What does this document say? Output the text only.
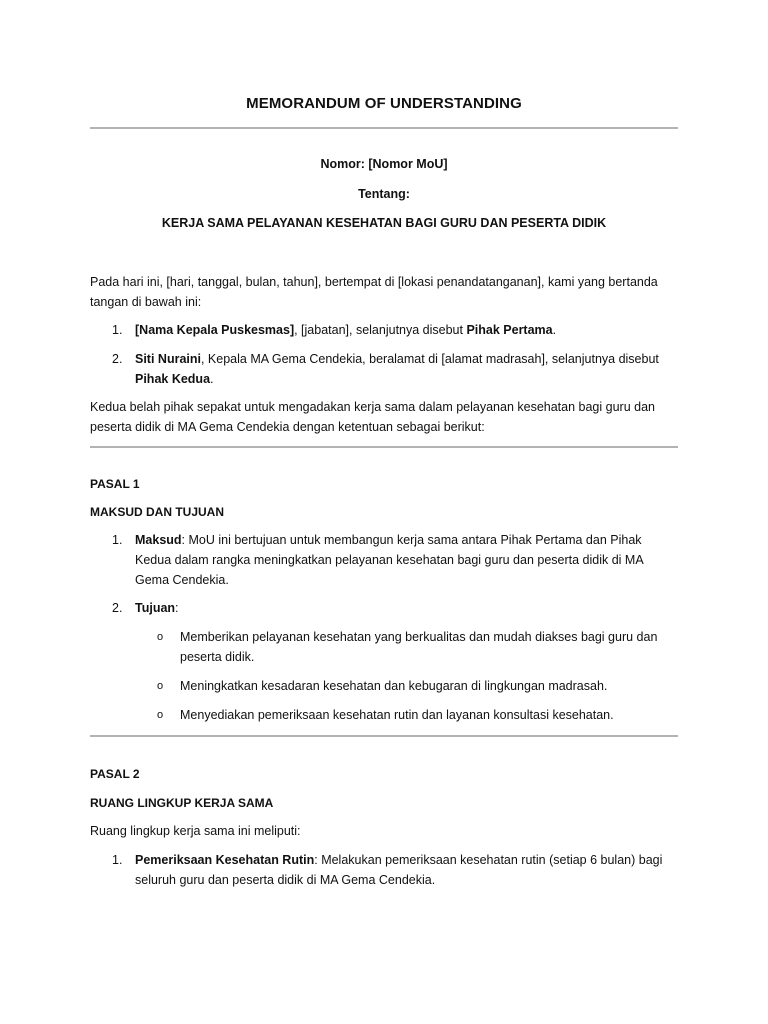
MEMORANDUM OF UNDERSTANDING
Nomor: [Nomor MoU]
Tentang:
KERJA SAMA PELAYANAN KESEHATAN BAGI GURU DAN PESERTA DIDIK
Pada hari ini, [hari, tanggal, bulan, tahun], bertempat di [lokasi penandatanganan], kami yang bertanda tangan di bawah ini:
1.	[Nama Kepala Puskesmas], [jabatan], selanjutnya disebut Pihak Pertama.
2.	Siti Nuraini, Kepala MA Gema Cendekia, beralamat di [alamat madrasah], selanjutnya disebut Pihak Kedua.
Kedua belah pihak sepakat untuk mengadakan kerja sama dalam pelayanan kesehatan bagi guru dan peserta didik di MA Gema Cendekia dengan ketentuan sebagai berikut:
PASAL 1
MAKSUD DAN TUJUAN
1.	Maksud: MoU ini bertujuan untuk membangun kerja sama antara Pihak Pertama dan Pihak Kedua dalam rangka meningkatkan pelayanan kesehatan bagi guru dan peserta didik di MA Gema Cendekia.
2.	Tujuan:
o Memberikan pelayanan kesehatan yang berkualitas dan mudah diakses bagi guru dan peserta didik.
o Meningkatkan kesadaran kesehatan dan kebugaran di lingkungan madrasah.
o Menyediakan pemeriksaan kesehatan rutin dan layanan konsultasi kesehatan.
PASAL 2
RUANG LINGKUP KERJA SAMA
Ruang lingkup kerja sama ini meliputi:
1.	Pemeriksaan Kesehatan Rutin: Melakukan pemeriksaan kesehatan rutin (setiap 6 bulan) bagi seluruh guru dan peserta didik di MA Gema Cendekia.
